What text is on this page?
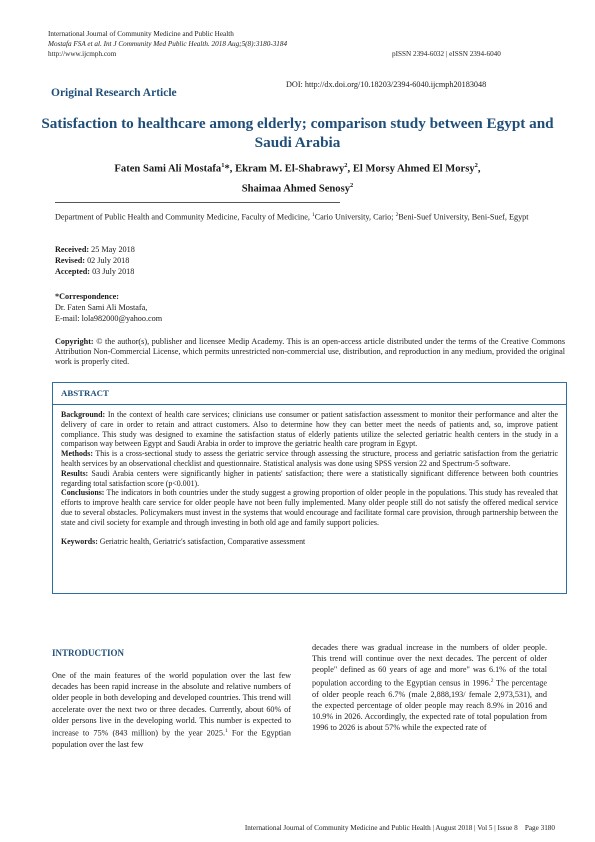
International Journal of Community Medicine and Public Health
Mostafa FSA et al. Int J Community Med Public Health. 2018 Aug;5(8):3180-3184
http://www.ijcmph.com	pISSN 2394-6032 | eISSN 2394-6040
DOI: http://dx.doi.org/10.18203/2394-6040.ijcmph20183048
Original Research Article
Satisfaction to healthcare among elderly; comparison study between Egypt and Saudi Arabia
Faten Sami Ali Mostafa$^1$*, Ekram M. El-Shabrawy$^2$, El Morsy Ahmed El Morsy$^2$,
Shaimaa Ahmed Senosy$^2$
Department of Public Health and Community Medicine, Faculty of Medicine, $^1$Cario University, Cario; $^2$Beni-Suef University, Beni-Suef, Egypt
Received: 25 May 2018
Revised: 02 July 2018
Accepted: 03 July 2018
*Correspondence:
Dr. Faten Sami Ali Mostafa,
E-mail: lola982000@yahoo.com
Copyright: © the author(s), publisher and licensee Medip Academy. This is an open-access article distributed under the terms of the Creative Commons Attribution Non-Commercial License, which permits unrestricted non-commercial use, distribution, and reproduction in any medium, provided the original work is properly cited.
ABSTRACT

Background: In the context of health care services; clinicians use consumer or patient satisfaction assessment to monitor their performance and alter the delivery of care in order to retain and attract customers. Also to determine how they can better meet the needs of patients and, so, improve patient compliance. This study was designed to examine the satisfaction status of elderly patients utilize the selected geriatric health centers in the study in a comparison way between Egypt and Saudi Arabia in order to improve the geriatric health care program in Egypt.

Methods: This is a cross-sectional study to assess the geriatric service through assessing the structure, process and geriatric satisfaction from the geriatric health services by an observational checklist and questionnaire. Statistical analysis was done using SPSS version 22 and Spectrum-5 software.

Results: Saudi Arabia centers were significantly higher in patients' satisfaction; there were a statistically significant difference between both countries regarding total satisfaction score (p<0.001).

Conclusions: The indicators in both countries under the study suggest a growing proportion of older people in the populations. This study has revealed that efforts to improve health care service for older people have not been fully implemented. Many older people still do not satisfy the offered medical service due to several obstacles. Policymakers must invest in the systems that would encourage and facilitate formal care provision, through partnership between the state and civil society for example and through investing in both old age and family support policies.

Keywords: Geriatric health, Geriatric's satisfaction, Comparative assessment

INTRODUCTION
One of the main features of the world population over the last few decades has been rapid increase in the absolute and relative numbers of older people in both developing and developed countries. This trend will accelerate over the next two or three decades. Currently, about 60% of older persons live in the developing world. This number is expected to increase to 75% (843 million) by the year 2025.$^1$ For the Egyptian population over the last few
decades there was gradual increase in the numbers of older people. This trend will continue over the next decades. The percent of older people" defined as 60 years of age and more" was 6.1% of the total population according to the Egyptian census in 1996.$^2$ The percentage of older people reach 6.7% (male 2,888,193/ female 2,973,531), and the expected percentage of older people may reach 8.9% in 2016 and 10.9% in 2026. Accordingly, the expected rate of total population from 1996 to 2026 is about 57% while the expected rate of
International Journal of Community Medicine and Public Health | August 2018 | Vol 5 | Issue 8    Page 3180
